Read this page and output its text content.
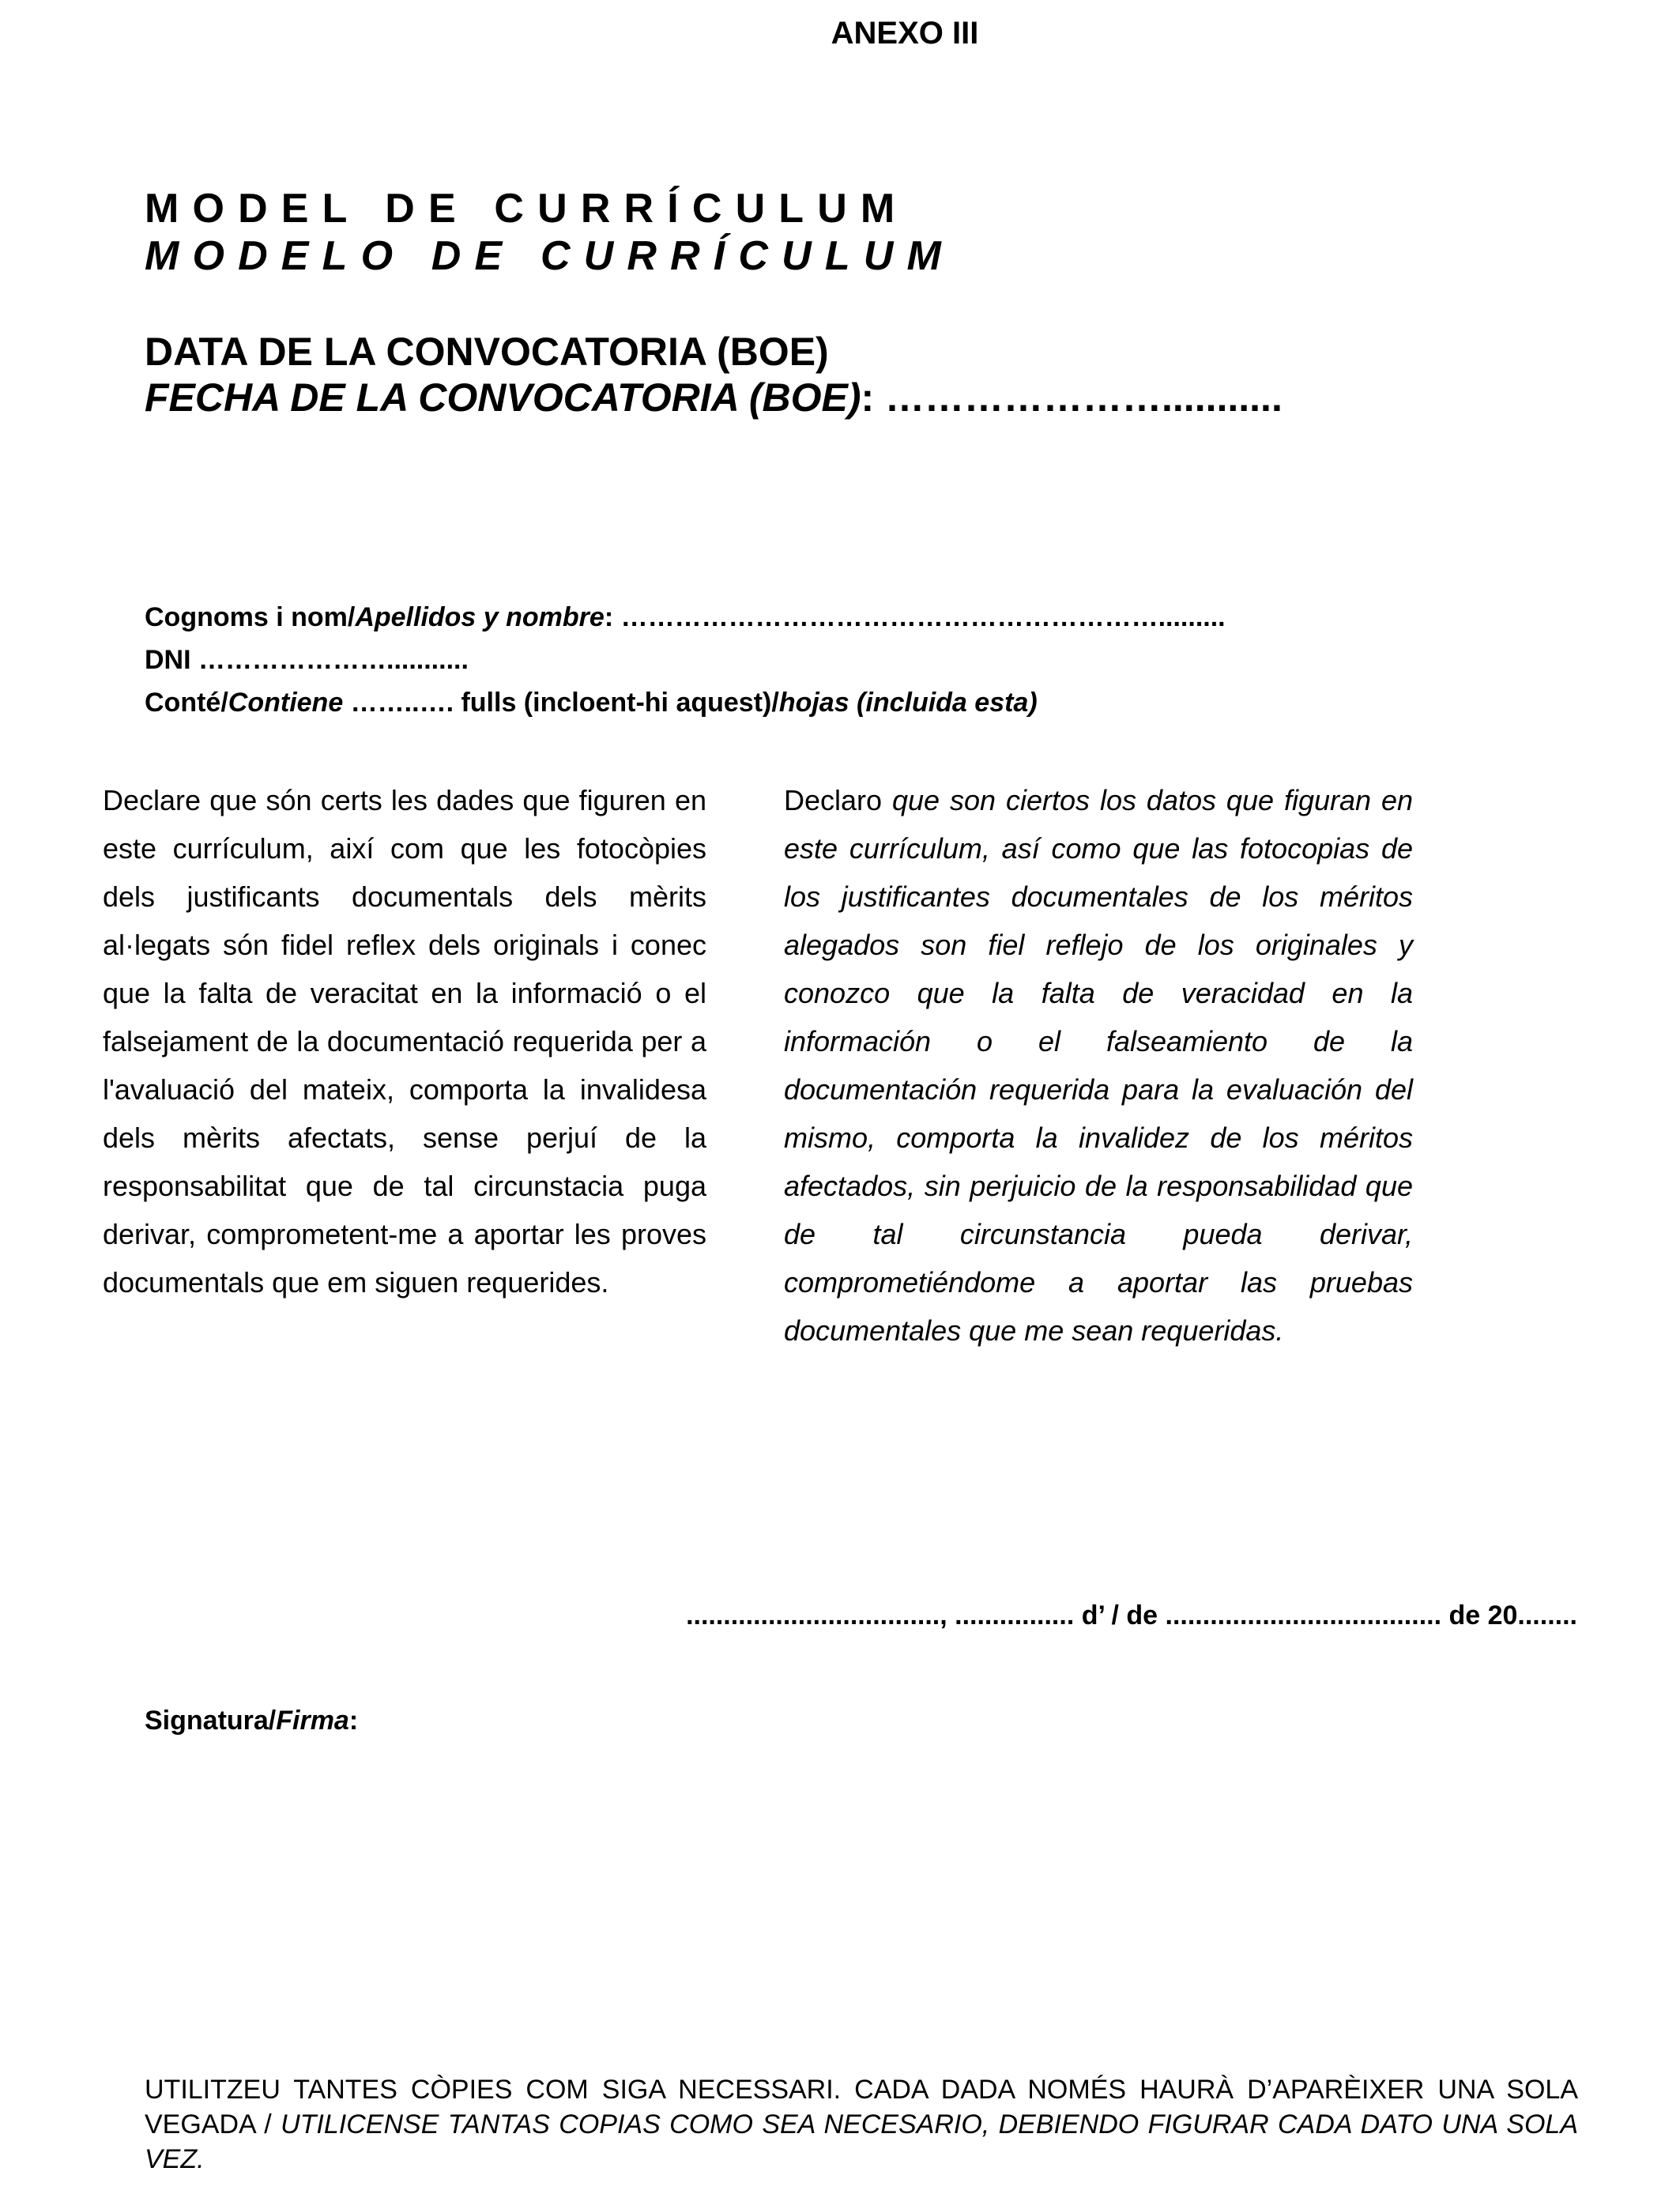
ANEXO III
MODEL DE CURRÍCULUM
MODELO DE CURRÍCULUM
DATA DE LA CONVOCATORIA (BOE)
FECHA DE LA CONVOCATORIA (BOE): …………………...........
Cognoms i nom/Apellidos y nombre: …………………………………………………….........
DNI …………………...........
Conté/Contiene ……..…. fulls (incloent-hi aquest)/hojas (incluida esta)
Declare que són certs les dades que figuren en este currículum, així com que les fotocòpies dels justificants documentals dels mèrits al·legats són fidel reflex dels originals i conec que la falta de veracitat en la informació o el falsejament de la documentació requerida per a l'avaluació del mateix, comporta la invalidesa dels mèrits afectats, sense perjuí de la responsabilitat que de tal circunstacia puga derivar, comprometent-me a aportar les proves documentals que em siguen requerides.
Declaro que son ciertos los datos que figuran en este currículum, así como que las fotocopias de los justificantes documentales de los méritos alegados son fiel reflejo de los originales y conozco que la falta de veracidad en la información o el falseamiento de la documentación requerida para la evaluación del mismo, comporta la invalidez de los méritos afectados, sin perjuicio de la responsabilidad que de tal circunstancia pueda derivar, comprometiéndome a aportar las pruebas documentales que me sean requeridas.
.................................., ................ d’ / de ..................................... de 20........
Signatura/Firma:
UTILITZEU TANTES CÒPIES COM SIGA NECESSARI. CADA DADA NOMÉS HAURÀ D’APARÈIXER UNA SOLA VEGADA / UTILICENSE TANTAS COPIAS COMO SEA NECESARIO, DEBIENDO FIGURAR CADA DATO UNA SOLA VEZ.
